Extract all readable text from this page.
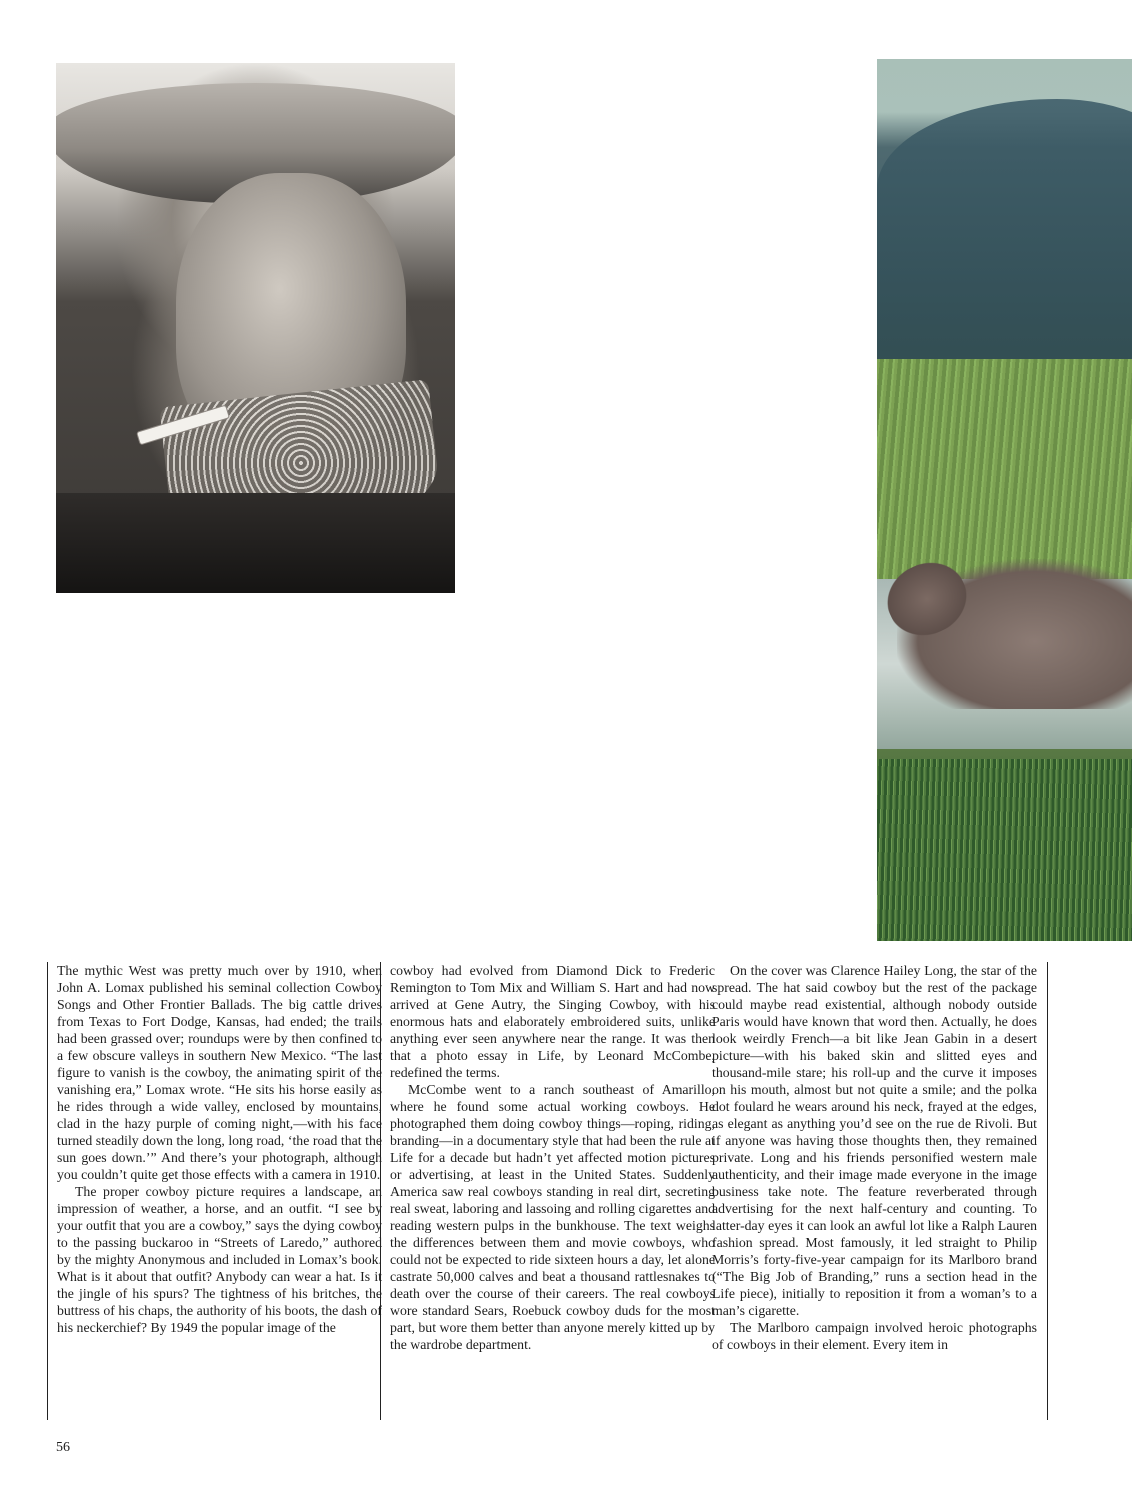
The mythic West was pretty much over by 1910, when John A. Lomax published his seminal collection Cowboy Songs and Other Frontier Ballads. The big cattle drives from Texas to Fort Dodge, Kansas, had ended; the trails had been grassed over; roundups were by then confined to a few obscure valleys in southern New Mexico. “The last figure to vanish is the cowboy, the animating spirit of the vanishing era,” Lomax wrote. “He sits his horse easily as he rides through a wide valley, enclosed by mountains, clad in the hazy purple of coming night,—with his face turned steadily down the long, long road, ‘the road that the sun goes down.’” And there’s your photograph, although you couldn’t quite get those effects with a camera in 1910.

The proper cowboy picture requires a landscape, an impression of weather, a horse, and an outfit. “I see by your outfit that you are a cowboy,” says the dying cowboy to the passing buckaroo in “Streets of Laredo,” authored by the mighty Anonymous and included in Lomax’s book. What is it about that outfit? Anybody can wear a hat. Is it the jingle of his spurs? The tightness of his britches, the buttress of his chaps, the authority of his boots, the dash of his neckerchief? By 1949 the popular image of the

cowboy had evolved from Diamond Dick to Frederic Remington to Tom Mix and William S. Hart and had now arrived at Gene Autry, the Singing Cowboy, with his enormous hats and elaborately embroidered suits, unlike anything ever seen anywhere near the range. It was then that a photo essay in Life, by Leonard McCombe, redefined the terms.

McCombe went to a ranch southeast of Amarillo, where he found some actual working cowboys. He photographed them doing cowboy things—roping, riding, branding—in a documentary style that had been the rule at Life for a decade but hadn’t yet affected motion pictures or advertising, at least in the United States. Suddenly America saw real cowboys standing in real dirt, secreting real sweat, laboring and lassoing and rolling cigarettes and reading western pulps in the bunkhouse. The text weighs the differences between them and movie cowboys, who could not be expected to ride sixteen hours a day, let alone castrate 50,000 calves and beat a thousand rattlesnakes to death over the course of their careers. The real cowboys wore standard Sears, Roebuck cowboy duds for the most part, but wore them better than anyone merely kitted up by the wardrobe department.

On the cover was Clarence Hailey Long, the star of the spread. The hat said cowboy but the rest of the package could maybe read existential, although nobody outside Paris would have known that word then. Actually, he does look weirdly French—a bit like Jean Gabin in a desert picture—with his baked skin and slitted eyes and thousand-mile stare; his roll-up and the curve it imposes on his mouth, almost but not quite a smile; and the polka dot foulard he wears around his neck, frayed at the edges, as elegant as anything you’d see on the rue de Rivoli. But if anyone was having those thoughts then, they remained private. Long and his friends personified western male authenticity, and their image made everyone in the image business take note. The feature reverberated through advertising for the next half-century and counting. To latter-day eyes it can look an awful lot like a Ralph Lauren fashion spread. Most famously, it led straight to Philip Morris’s forty-five-year campaign for its Marlboro brand (“The Big Job of Branding,” runs a section head in the Life piece), initially to reposition it from a woman’s to a man’s cigarette.

The Marlboro campaign involved heroic photographs of cowboys in their element. Every item in

56
